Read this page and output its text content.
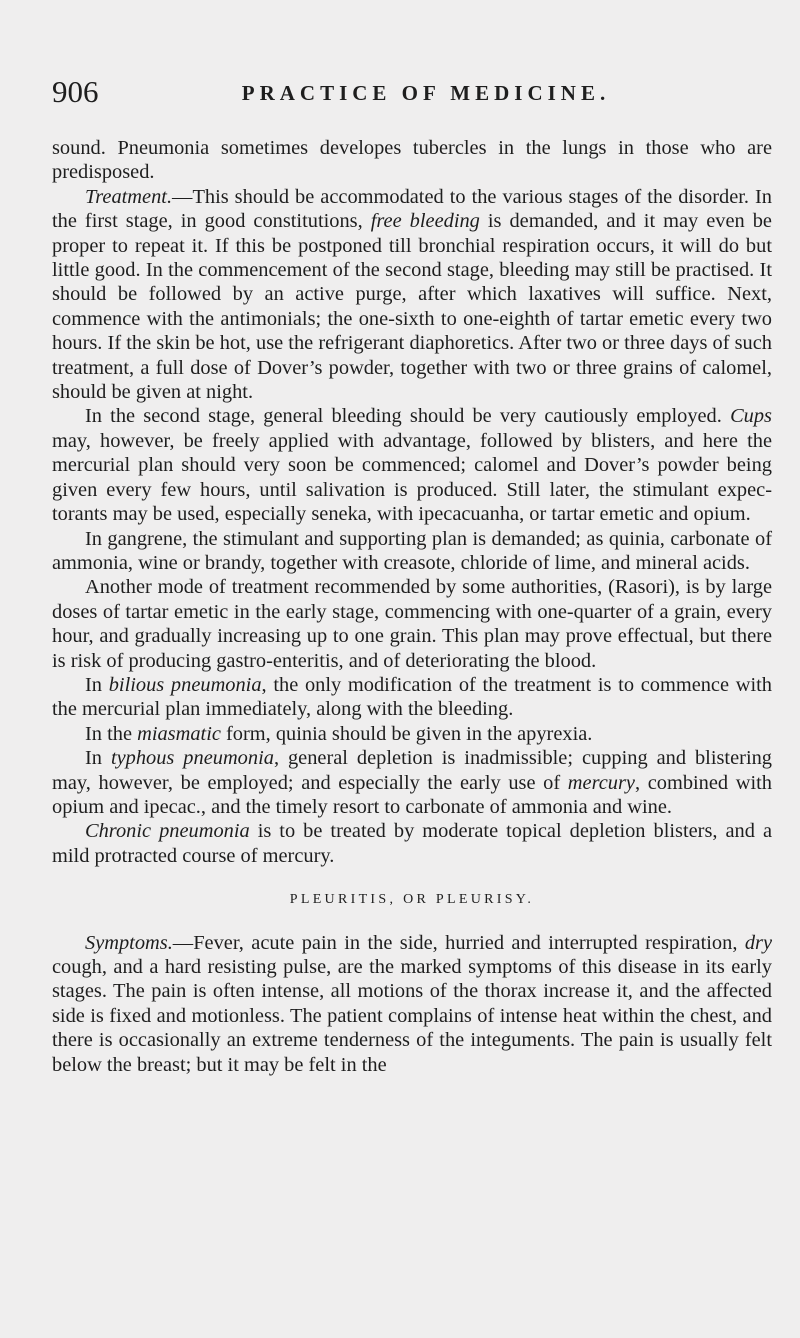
906	PRACTICE OF MEDICINE.

sound. Pneumonia sometimes developes tubercles in the lungs in those who are predisposed.

Treatment.—This should be accommodated to the various stages of the disorder. In the first stage, in good constitutions, free bleeding is demanded, and it may even be proper to repeat it. If this be postponed till bronchial respiration occurs, it will do but little good. In the commencement of the second stage, bleeding may still be practised. It should be followed by an active purge, after which laxatives will suffice. Next, commence with the antimonials; the one-sixth to one-eighth of tartar emetic every two hours. If the skin be hot, use the refrigerant diaphoretics. After two or three days of such treatment, a full dose of Dover’s powder, together with two or three grains of calomel, should be given at night.

In the second stage, general bleeding should be very cautiously employed. Cups may, however, be freely applied with advantage, followed by blisters, and here the mercurial plan should very soon be commenced; calomel and Dover’s powder being given every few hours, until salivation is produced. Still later, the stimulant expectorants may be used, especially seneka, with ipecacuanha, or tartar emetic and opium.

In gangrene, the stimulant and supporting plan is demanded; as quinia, carbonate of ammonia, wine or brandy, together with creasote, chloride of lime, and mineral acids.

Another mode of treatment recommended by some authorities, (Rasori), is by large doses of tartar emetic in the early stage, commencing with one-quarter of a grain, every hour, and gradually increasing up to one grain. This plan may prove effectual, but there is risk of producing gastro-enteritis, and of deteriorating the blood.

In bilious pneumonia, the only modification of the treatment is to commence with the mercurial plan immediately, along with the bleeding.

In the miasmatic form, quinia should be given in the apyrexia.

In typhous pneumonia, general depletion is inadmissible; cupping and blistering may, however, be employed; and especially the early use of mercury, combined with opium and ipecac., and the timely resort to carbonate of ammonia and wine.

Chronic pneumonia is to be treated by moderate topical depletion blisters, and a mild protracted course of mercury.

PLEURITIS, OR PLEURISY.

Symptoms.—Fever, acute pain in the side, hurried and interrupted respiration, dry cough, and a hard resisting pulse, are the marked symptoms of this disease in its early stages. The pain is often intense, all motions of the thorax increase it, and the affected side is fixed and motionless. The patient complains of intense heat within the chest, and there is occasionally an extreme tenderness of the integuments. The pain is usually felt below the breast; but it may be felt in the
